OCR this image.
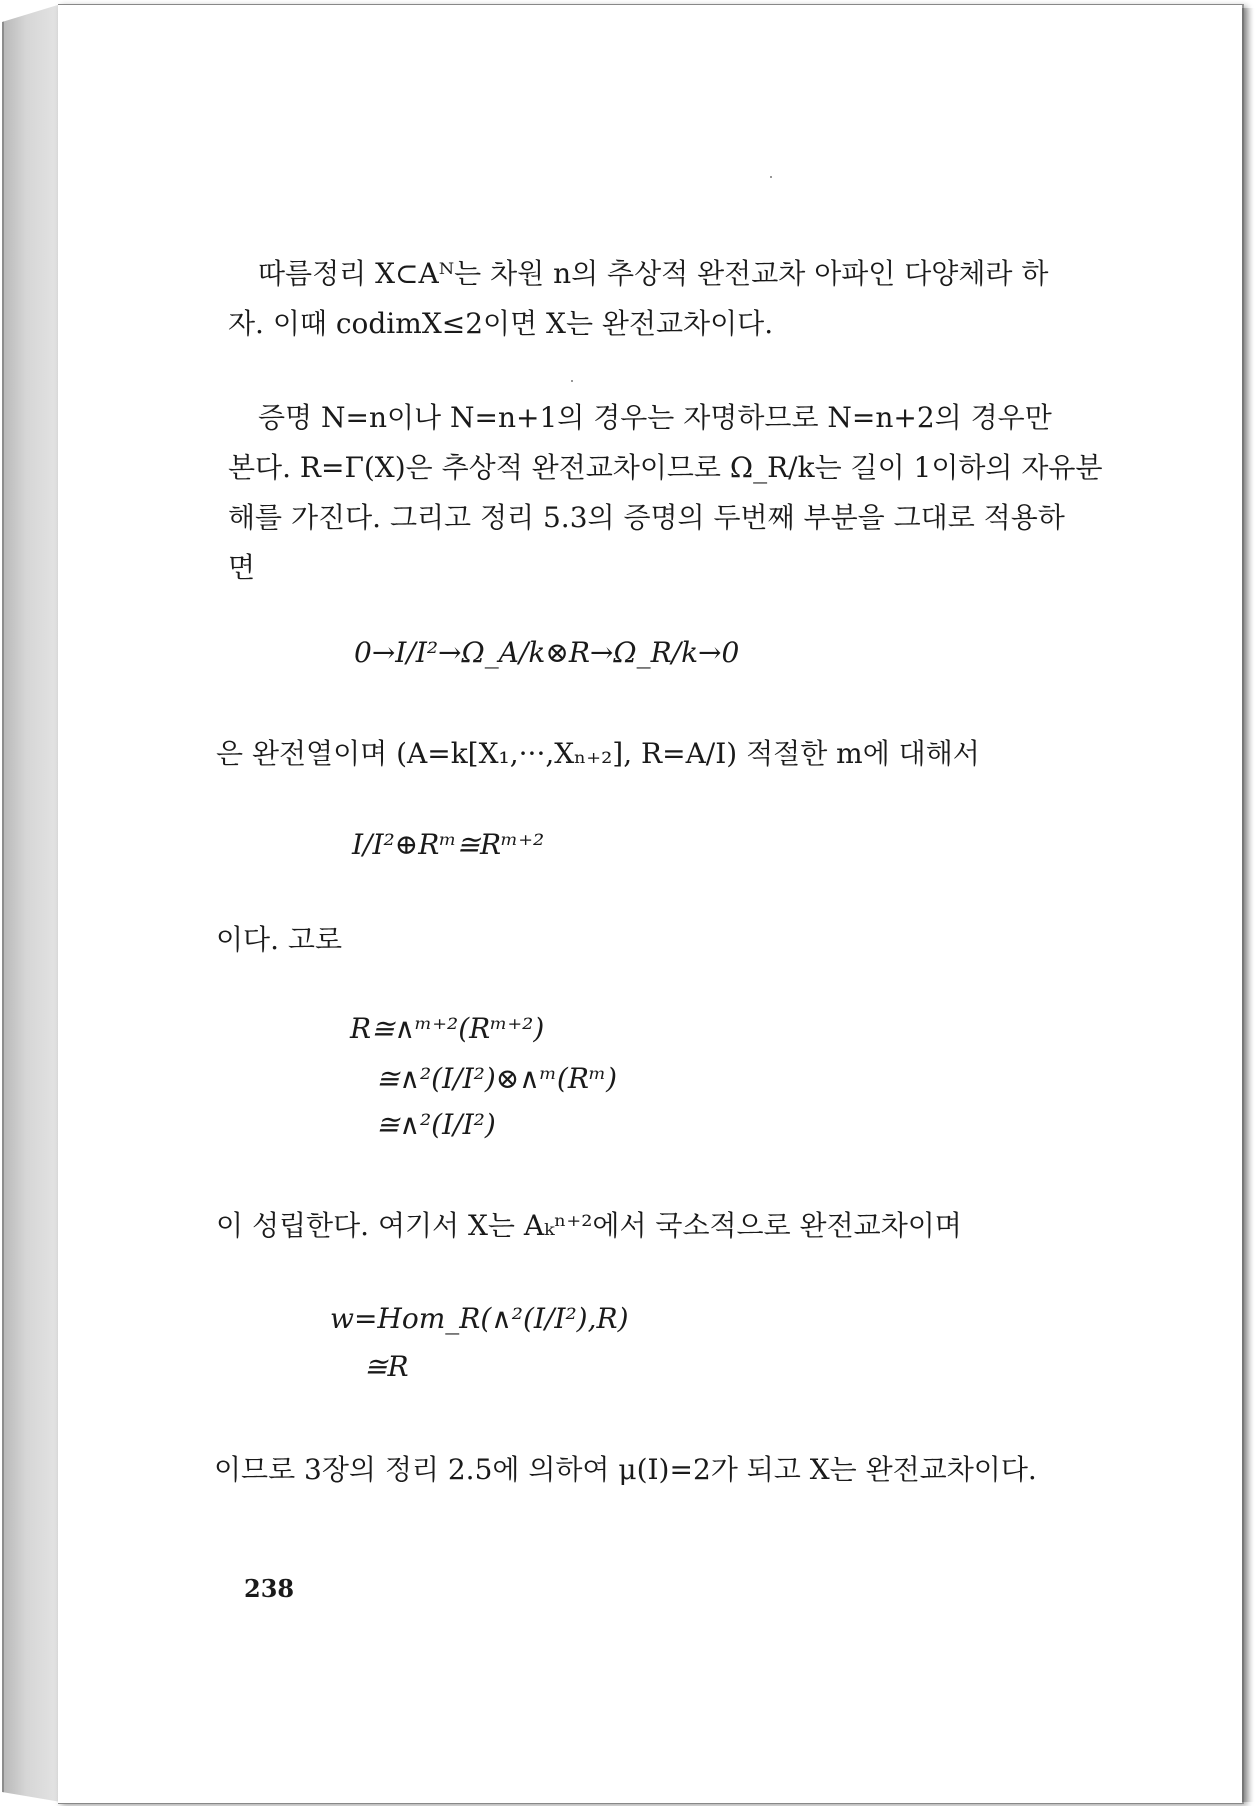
따름정리 X⊂Aᴺ는 차원 n의 추상적 완전교차 아파인 다양체라 하
자. 이때 codimX≤2이면 X는 완전교차이다.
증명 N=n이나 N=n+1의 경우는 자명하므로 N=n+2의 경우만
본다. R=Γ(X)은 추상적 완전교차이므로 Ω_R/k는 길이 1이하의 자유분
해를 가진다. 그리고 정리 5.3의 증명의 두번째 부분을 그대로 적용하
면
0→I/I²→Ω_A/k⊗R→Ω_R/k→0
은 완전열이며 (A=k[X₁,···,Xₙ₊₂], R=A/I) 적절한 m에 대해서
I/I²⊕Rᵐ≅Rᵐ⁺²
이다. 고로
R≅∧ᵐ⁺²(Rᵐ⁺²)
≅∧²(I/I²)⊗∧ᵐ(Rᵐ)
≅∧²(I/I²)
이 성립한다. 여기서 X는 Aₖⁿ⁺²에서 국소적으로 완전교차이며
w=Hom_R(∧²(I/I²),R)
≅R
이므로 3장의 정리 2.5에 의하여 μ(I)=2가 되고 X는 완전교차이다.
238
